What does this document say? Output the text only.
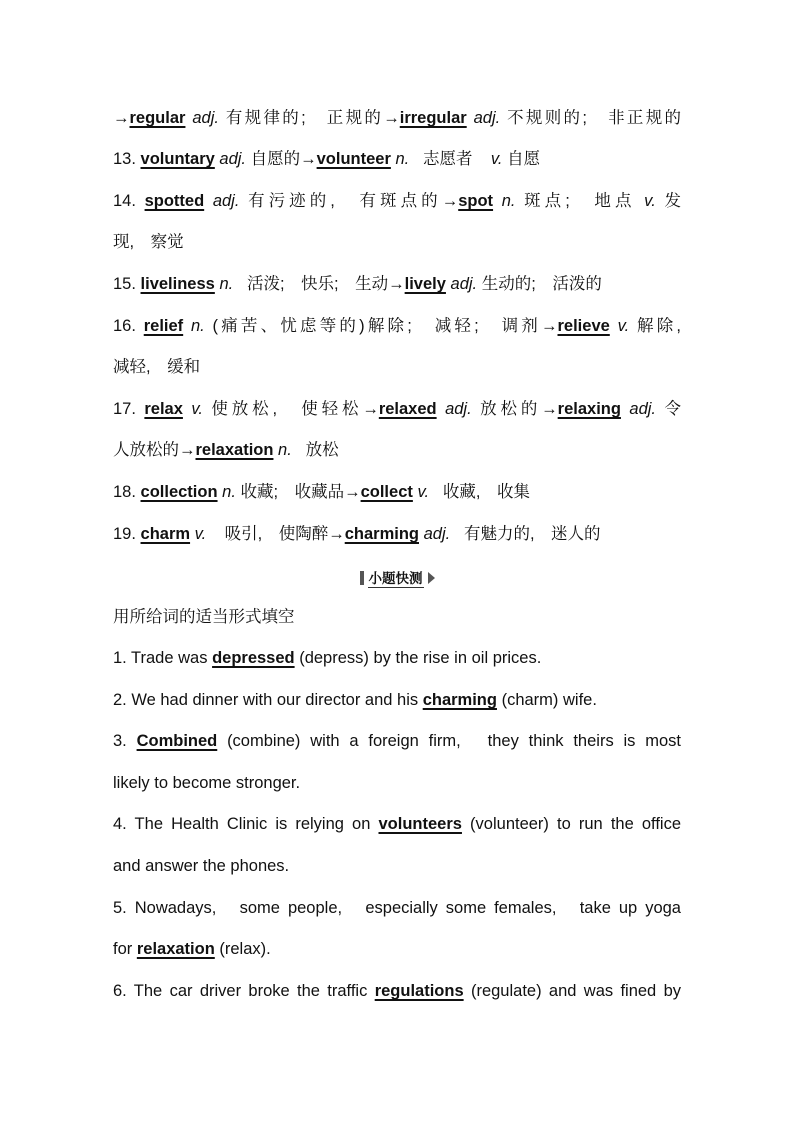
→regular adj. 有规律的;　正规的→irregular adj. 不规则的;　非正规的
13. voluntary adj. 自愿的→volunteer n. 志愿者 v. 自愿
14. spotted adj. 有污迹的,　有斑点的→spot n. 斑点;　地点 v. 发
现,　察觉
15. liveliness n. 活泼;　快乐;　生动→lively adj. 生动的;　活泼的
16. relief n. (痛苦、忧虑等的)解除;　减轻;　调剂→relieve v. 解除,
减轻,　缓和
17. relax v. 使放松,　使轻松→relaxed adj. 放松的→relaxing adj. 令
人放松的→relaxation n. 放松
18. collection n. 收藏;　收藏品→collect v. 收藏,　收集
19. charm v. 吸引,　使陶醉→charming adj. 有魅力的,　迷人的
小题快测
用所给词的适当形式填空
1. Trade was depressed (depress) by the rise in oil prices.
2. We had dinner with our director and his charming (charm) wife.
3. Combined (combine) with a foreign firm,　they think theirs is most
likely to become stronger.
4. The Health Clinic is relying on volunteers (volunteer) to run the office
and answer the phones.
5. Nowadays,　some people,　especially some females,　take up yoga
for relaxation (relax).
6. The car driver broke the traffic regulations (regulate) and was fined by
